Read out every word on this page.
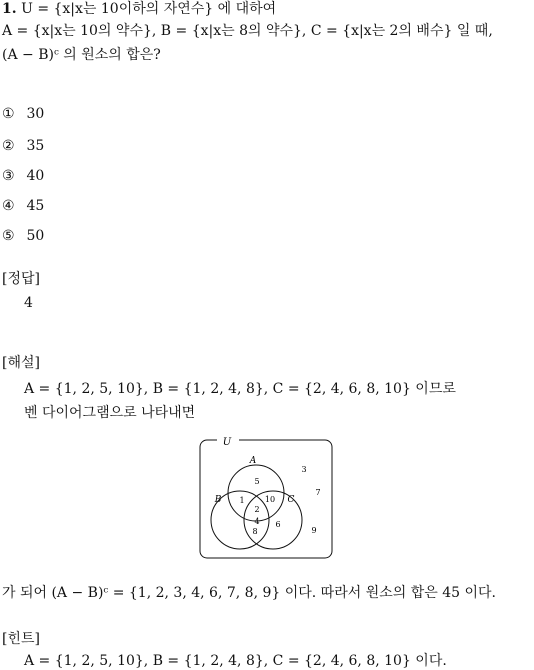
1. U = {x|x는 10이하의 자연수} 에 대하여
A = {x|x는 10의 약수}, B = {x|x는 8의 약수}, C = {x|x는 2의 배수} 일 때,
(A − B)ᶜ 의 원소의 합은?
① 30
② 35
③ 40
④ 45
⑤ 50
[정답]
4
[해설]
A = {1, 2, 5, 10}, B = {1, 2, 4, 8}, C = {2, 4, 6, 8, 10} 이므로
벤 다이어그램으로 나타내면
U
A
B	C
5
1	10
2
4
8
6
3
7
9
가 되어 (A − B)ᶜ = {1, 2, 3, 4, 6, 7, 8, 9} 이다. 따라서 원소의 합은 45 이다.
[힌트]
A = {1, 2, 5, 10}, B = {1, 2, 4, 8}, C = {2, 4, 6, 8, 10} 이다.
